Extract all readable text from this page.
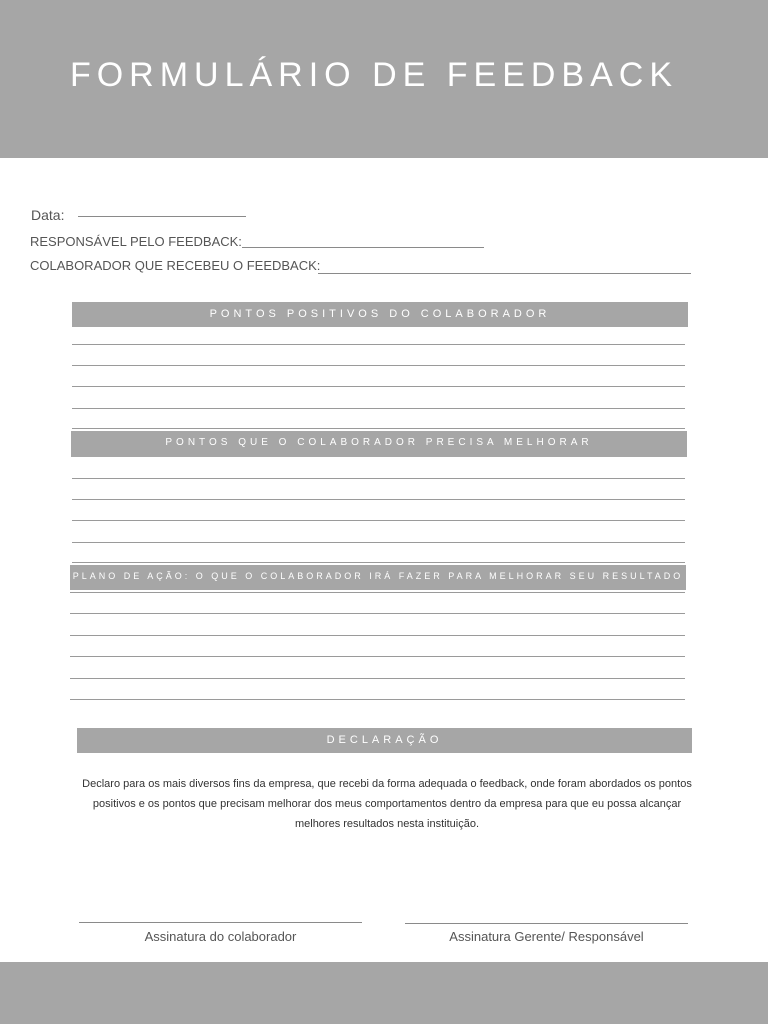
FORMULÁRIO DE FEEDBACK
Data:
RESPONSÁVEL PELO FEEDBACK:
COLABORADOR QUE RECEBEU O FEEDBACK:
PONTOS POSITIVOS DO COLABORADOR
PONTOS QUE O COLABORADOR PRECISA MELHORAR
PLANO DE AÇÃO: O QUE O COLABORADOR IRÁ FAZER PARA MELHORAR SEU RESULTADO
DECLARAÇÃO

Declaro para os mais diversos fins da empresa, que recebi da forma adequada o feedback, onde foram abordados os pontos positivos e os pontos que precisam melhorar dos meus comportamentos dentro da empresa para que eu possa alcançar melhores resultados nesta instituição.

Assinatura do colaborador	Assinatura Gerente/ Responsável
